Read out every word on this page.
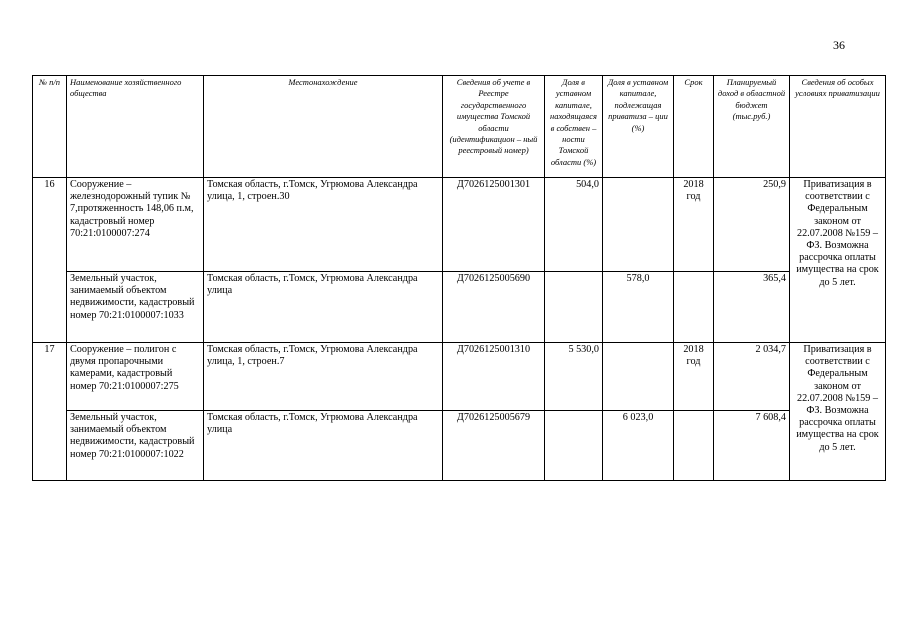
36
№ п/п	Наименование хозяйственного общества	Местонахождение	Сведения об учете в Реестре государственного имущества Томской области (идентификацион – ный реестровый номер)	Доля в уставном капитале, находящаяся в собствен – ности Томской области (%)	Доля в уставном капитале, подлежащая приватиза – ции (%)	Срок	Планируемый доход в областной бюджет (тыс.руб.)	Сведения об особых условиях приватизации
16	Сооружение – железнодорожный тупик № 7,протяженность 148,06 п.м, кадастровый номер 70:21:0100007:274	Томская область, г.Томск, Угрюмова Александра улица, 1, строен.30	Д7026125001301	504,0		2018 год	250,9	Приватизация в соответствии с Федеральным законом от 22.07.2008 №159 – ФЗ. Возможна рассрочка оплаты имущества на срок до 5 лет.
	Земельный участок, занимаемый объектом недвижимости, кадастровый номер 70:21:0100007:1033	Томская область, г.Томск, Угрюмова Александра улица	Д7026125005690		578,0		365,4	
17	Сооружение – полигон с двумя пропарочными камерами, кадастровый номер 70:21:0100007:275	Томская область, г.Томск, Угрюмова Александра улица, 1, строен.7	Д7026125001310	5 530,0		2018 год	2 034,7	Приватизация в соответствии с Федеральным законом от 22.07.2008 №159 – ФЗ. Возможна рассрочка оплаты имущества на срок до 5 лет.
	Земельный участок, занимаемый объектом недвижимости, кадастровый номер 70:21:0100007:1022	Томская область, г.Томск, Угрюмова Александра улица	Д7026125005679		6 023,0		7 608,4	
